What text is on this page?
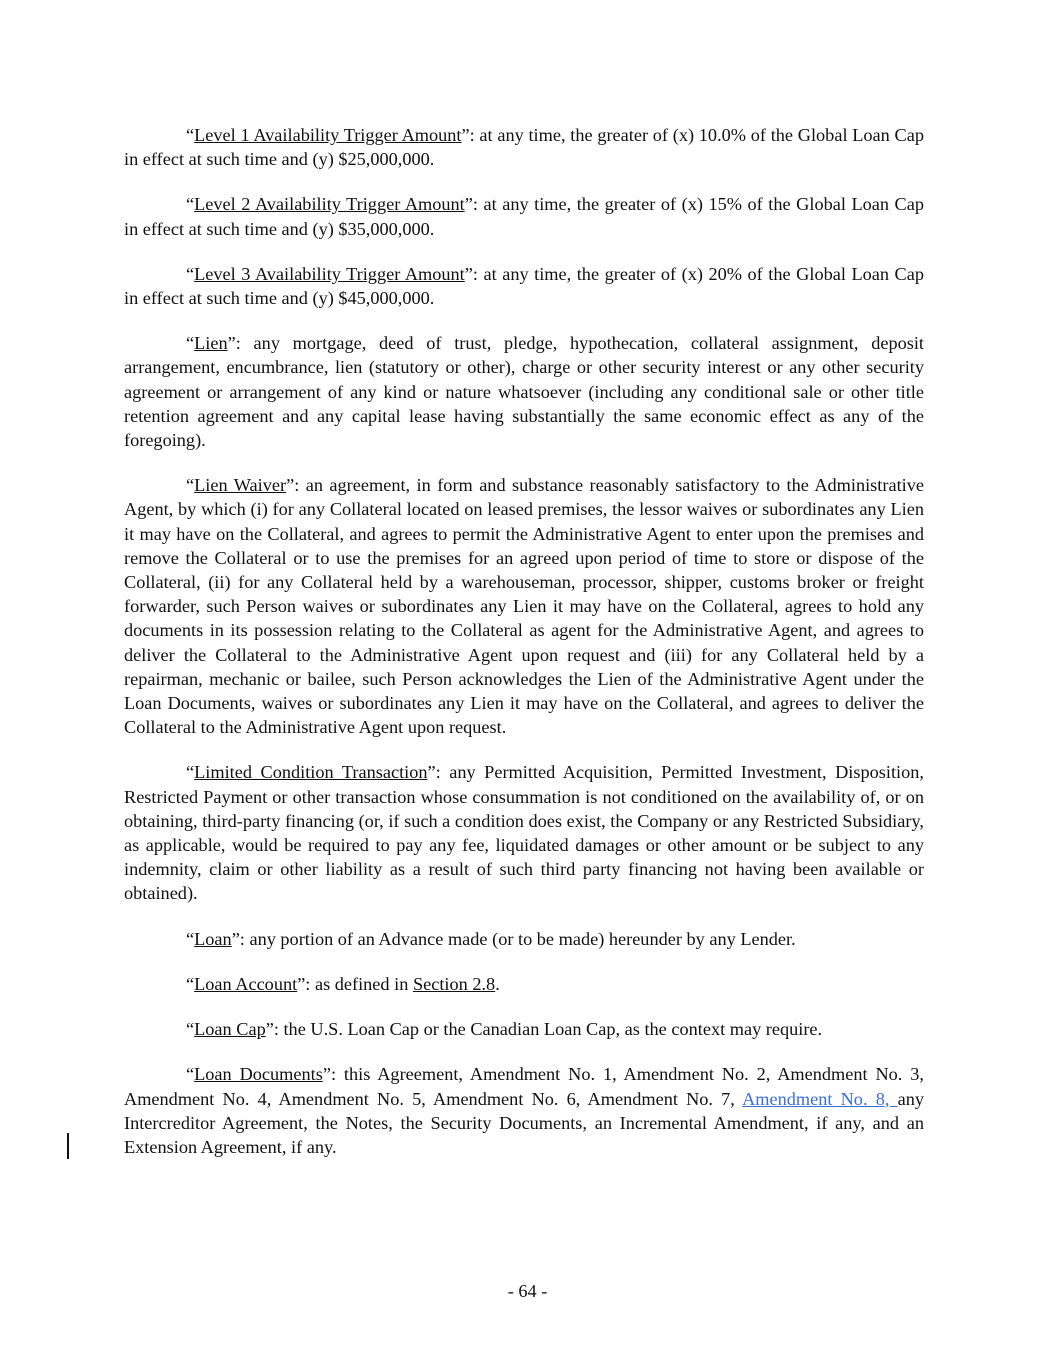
“Level 1 Availability Trigger Amount”: at any time, the greater of (x) 10.0% of the Global Loan Cap in effect at such time and (y) $25,000,000.

“Level 2 Availability Trigger Amount”: at any time, the greater of (x) 15% of the Global Loan Cap in effect at such time and (y) $35,000,000.

“Level 3 Availability Trigger Amount”: at any time, the greater of (x) 20% of the Global Loan Cap in effect at such time and (y) $45,000,000.

“Lien”: any mortgage, deed of trust, pledge, hypothecation, collateral assignment, deposit arrangement, encumbrance, lien (statutory or other), charge or other security interest or any other security agreement or arrangement of any kind or nature whatsoever (including any conditional sale or other title retention agreement and any capital lease having substantially the same economic effect as any of the foregoing).

“Lien Waiver”: an agreement, in form and substance reasonably satisfactory to the Administrative Agent, by which (i) for any Collateral located on leased premises, the lessor waives or subordinates any Lien it may have on the Collateral, and agrees to permit the Administrative Agent to enter upon the premises and remove the Collateral or to use the premises for an agreed upon period of time to store or dispose of the Collateral, (ii) for any Collateral held by a warehouseman, processor, shipper, customs broker or freight forwarder, such Person waives or subordinates any Lien it may have on the Collateral, agrees to hold any documents in its possession relating to the Collateral as agent for the Administrative Agent, and agrees to deliver the Collateral to the Administrative Agent upon request and (iii) for any Collateral held by a repairman, mechanic or bailee, such Person acknowledges the Lien of the Administrative Agent under the Loan Documents, waives or subordinates any Lien it may have on the Collateral, and agrees to deliver the Collateral to the Administrative Agent upon request.

“Limited Condition Transaction”: any Permitted Acquisition, Permitted Investment, Disposition, Restricted Payment or other transaction whose consummation is not conditioned on the availability of, or on obtaining, third-party financing (or, if such a condition does exist, the Company or any Restricted Subsidiary, as applicable, would be required to pay any fee, liquidated damages or other amount or be subject to any indemnity, claim or other liability as a result of such third party financing not having been available or obtained).

“Loan”: any portion of an Advance made (or to be made) hereunder by any Lender.

“Loan Account”: as defined in Section 2.8.

“Loan Cap”: the U.S. Loan Cap or the Canadian Loan Cap, as the context may require.

“Loan Documents”: this Agreement, Amendment No. 1, Amendment No. 2, Amendment No. 3, Amendment No. 4, Amendment No. 5, Amendment No. 6, Amendment No. 7, Amendment No. 8, any Intercreditor Agreement, the Notes, the Security Documents, an Incremental Amendment, if any, and an Extension Agreement, if any.

- 64 -
